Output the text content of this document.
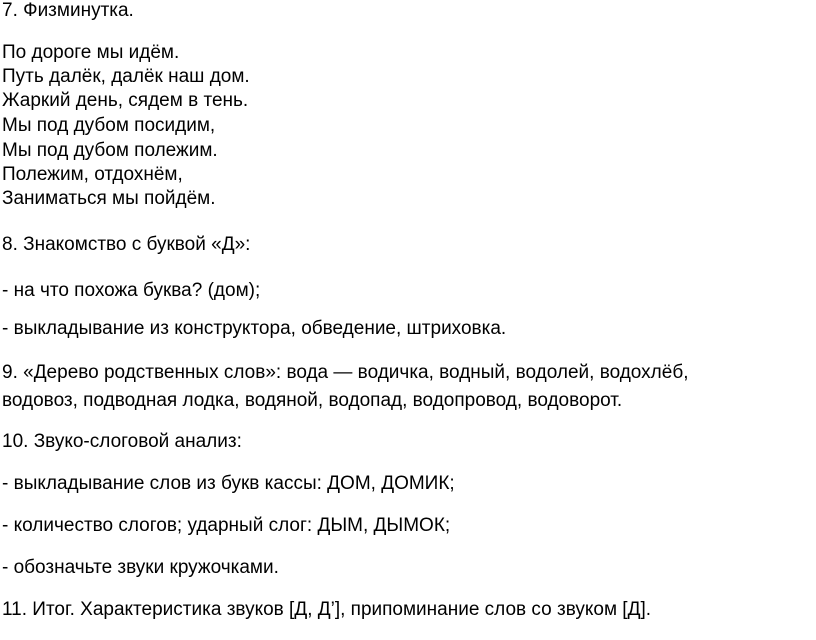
7. Физминутка.
По дороге мы идём.
Путь далёк, далёк наш дом.
Жаркий день, сядем в тень.
Мы под дубом посидим,
Мы под дубом полежим.
Полежим, отдохнём,
Заниматься мы пойдём.
8. Знакомство с буквой «Д»:
- на что похожа буква? (дом);
- выкладывание из конструктора, обведение, штриховка.
9. «Дерево родственных слов»: вода — водичка, водный, водолей, водохлёб,
водовоз, подводная лодка, водяной, водопад, водопровод, водоворот.
10. Звуко-слоговой анализ:
- выкладывание слов из букв кассы: ДОМ, ДОМИК;
- количество слогов; ударный слог: ДЫМ, ДЫМОК;
- обозначьте звуки кружочками.
11. Итог. Характеристика звуков [Д, Д’], припоминание слов со звуком [Д].
